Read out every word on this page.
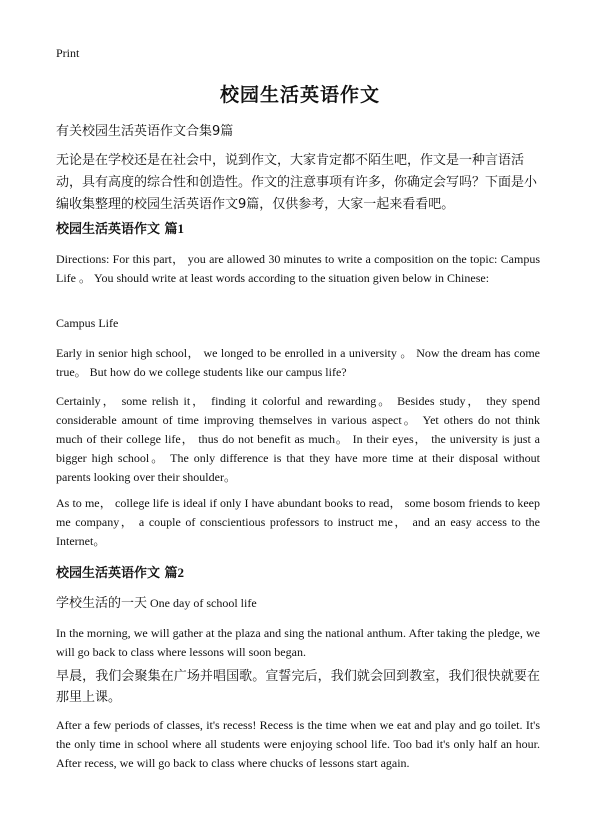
Print
校园生活英语作文
有关校园生活英语作文合集9篇

无论是在学校还是在社会中，说到作文，大家肯定都不陌生吧，作文是一种言语活动，具有高度的综合性和创造性。作文的注意事项有许多，你确定会写吗？下面是小编收集整理的校园生活英语作文9篇，仅供参考，大家一起来看看吧。

校园生活英语作文 篇1

Directions: For this part， you are allowed 30 minutes to write a composition on the topic: Campus Life 。 You should write at least words according to the situation given below in Chinese:

Campus Life

Early in senior high school， we longed to be enrolled in a university 。 Now the dream has come true。 But how do we college students like our campus life?

Certainly， some relish it， finding it colorful and rewarding。 Besides study， they spend considerable amount of time improving themselves in various aspect。 Yet others do not think much of their college life， thus do not benefit as much。 In their eyes， the university is just a bigger high school。 The only difference is that they have more time at their disposal without parents looking over their shoulder。

As to me， college life is ideal if only I have abundant books to read， some bosom friends to keep me company， a couple of conscientious professors to instruct me， and an easy access to the Internet。

校园生活英语作文 篇2

学校生活的一天 One day of school life

In the morning, we will gather at the plaza and sing the national anthum. After taking the pledge, we will go back to class where lessons will soon began.

早晨，我们会聚集在广场并唱国歌。宣誓完后，我们就会回到教室，我们很快就要在那里上课。

After a few periods of classes, it's recess! Recess is the time when we eat and play and go toilet. It's the only time in school where all students were enjoying school life. Too bad it's only half an hour. After recess, we will go back to class where chucks of lessons start again.
